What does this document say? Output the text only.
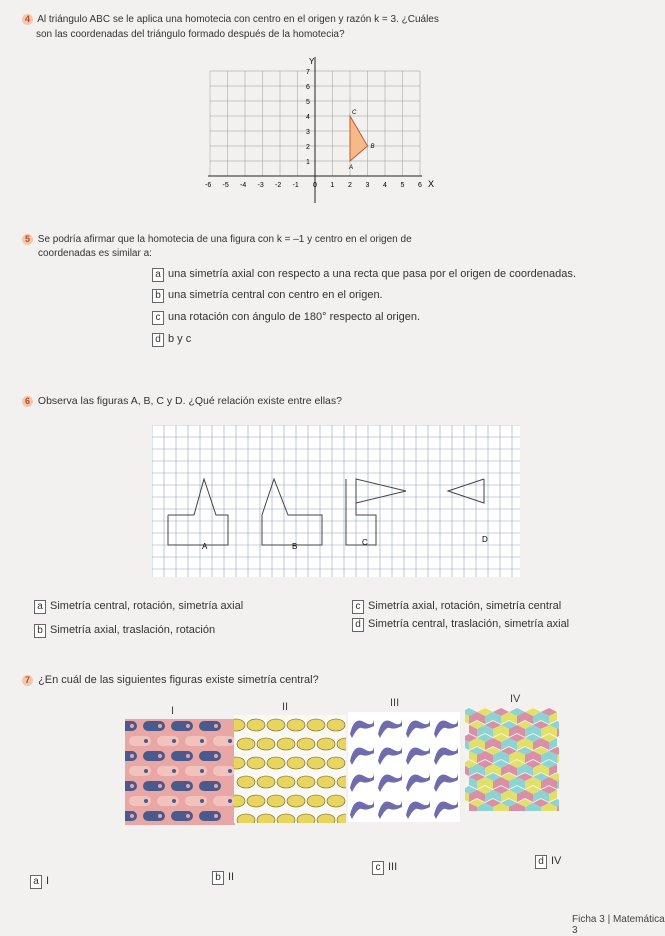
4 Al triángulo ABC se le aplica una homotecia con centro en el origen y razón k = 3. ¿Cuáles
son las coordenadas del triángulo formado después de la homotecia?
X
Y
-6 -5 -4 -3 -2 -1 0 1 2 3 4 5 6
1
2
3
4
5
6
7
A
B
C
5 Se podría afirmar que la homotecia de una figura con k = –1 y centro en el origen de
coordenadas es similar a:
a una simetría axial con respecto a una recta que pasa por el origen de coordenadas.
b una simetría central con centro en el origen.
c una rotación con ángulo de 180° respecto al origen.
d b y c
6 Observa las figuras A, B, C y D. ¿Qué relación existe entre ellas?
A	B	C	D
a Simetría central, rotación, simetría axial	c Simetría axial, rotación, simetría central
b Simetría axial, traslación, rotación	d Simetría central, traslación, simetría axial
7 ¿En cuál de las siguientes figuras existe simetría central?
I	II	III	IV
a I	b II
c III	d IV
Ficha 3 | Matemática 3
